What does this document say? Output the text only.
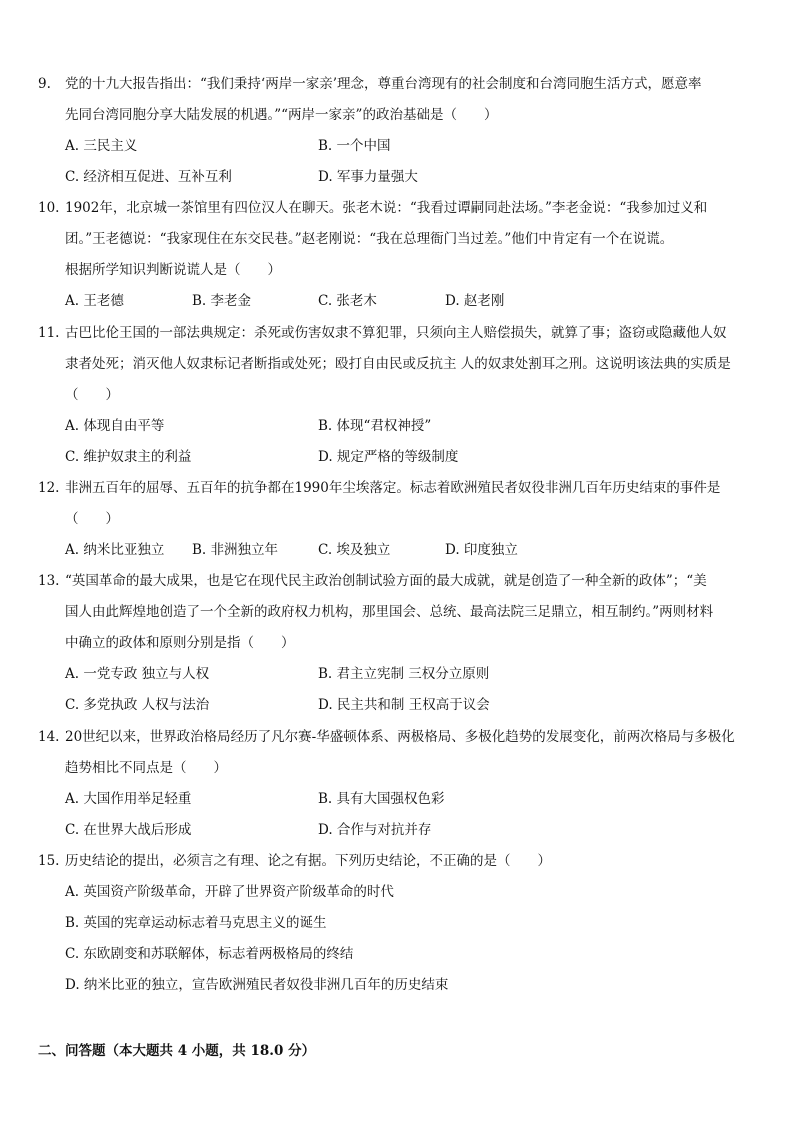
9. 党的十九大报告指出：“我们秉持‘两岸一家亲’理念，尊重台湾现有的社会制度和台湾同胞生活方式，愿意率
先同台湾同胞分享大陆发展的机遇。”“两岸一家亲”的政治基础是（　　）
A. 三民主义	B. 一个中国
C. 经济相互促进、互补互利	D. 军事力量强大
10. 1902年，北京城一茶馆里有四位汉人在聊天。张老木说：“我看过谭嗣同赴法场。”李老金说：“我参加过义和
团。”王老德说：“我家现住在东交民巷。”赵老刚说：“我在总理衙门当过差。”他们中肯定有一个在说谎。
根据所学知识判断说谎人是（　　）
A. 王老德	B. 李老金	C. 张老木	D. 赵老刚
11. 古巴比伦王国的一部法典规定：杀死或伤害奴隶不算犯罪，只须向主人赔偿损失，就算了事；盗窃或隐藏他人奴
隶者处死；消灭他人奴隶标记者断指或处死；殴打自由民或反抗主 人的奴隶处割耳之刑。这说明该法典的实质是
（　　）
A. 体现自由平等	B. 体现“君权神授”
C. 维护奴隶主的利益	D. 规定严格的等级制度
12. 非洲五百年的屈辱、五百年的抗争都在1990年尘埃落定。标志着欧洲殖民者奴役非洲几百年历史结束的事件是
（　　）
A. 纳米比亚独立 B. 非洲独立年	C. 埃及独立	D. 印度独立
13. “英国革命的最大成果，也是它在现代民主政治创制试验方面的最大成就，就是创造了一种全新的政体”；“美
国人由此辉煌地创造了一个全新的政府权力机构，那里国会、总统、最高法院三足鼎立，相互制约。”两则材料
中确立的政体和原则分别是指（　　）
A. 一党专政 独立与人权	B. 君主立宪制 三权分立原则
C. 多党执政 人权与法治	D. 民主共和制 王权高于议会
14. 20世纪以来，世界政治格局经历了凡尔赛-华盛顿体系、两极格局、多极化趋势的发展变化，前两次格局与多极化
趋势相比不同点是（　　）
A. 大国作用举足轻重	B. 具有大国强权色彩
C. 在世界大战后形成	D. 合作与对抗并存
15. 历史结论的提出，必须言之有理、论之有据。下列历史结论，不正确的是（　　）
A. 英国资产阶级革命，开辟了世界资产阶级革命的时代
B. 英国的宪章运动标志着马克思主义的诞生
C. 东欧剧变和苏联解体，标志着两极格局的终结
D. 纳米比亚的独立，宣告欧洲殖民者奴役非洲几百年的历史结束
二、问答题（本大题共 4 小题，共 18.0 分）
